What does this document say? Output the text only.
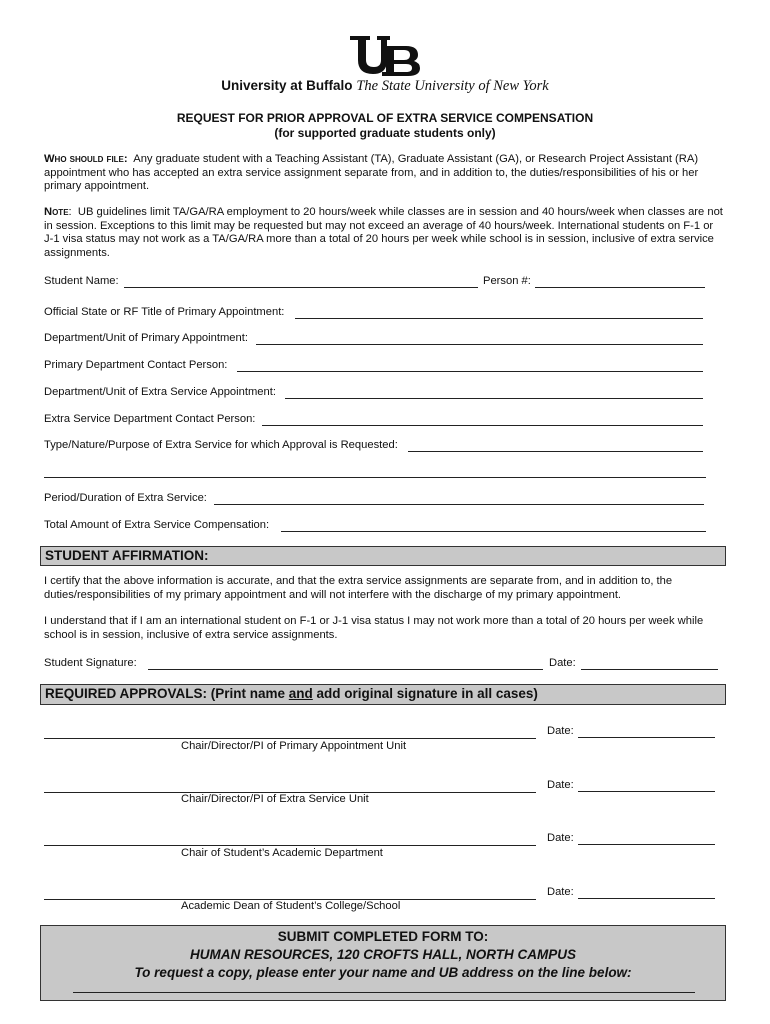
University at Buffalo The State University of New York
REQUEST FOR PRIOR APPROVAL OF EXTRA SERVICE COMPENSATION
(for supported graduate students only)
Who should file: Any graduate student with a Teaching Assistant (TA), Graduate Assistant (GA), or Research Project Assistant (RA) appointment who has accepted an extra service assignment separate from, and in addition to, the duties/responsibilities of his or her primary appointment.
Note:  UB guidelines limit TA/GA/RA employment to 20 hours/week while classes are in session and 40 hours/week when classes are not in session. Exceptions to this limit may be requested but may not exceed an average of 40 hours/week. International students on F-1 or J-1 visa status may not work as a TA/GA/RA more than a total of 20 hours per week while school is in session, inclusive of extra service assignments.
Student Name:	Person #:
Official State or RF Title of Primary Appointment:
Department/Unit of Primary Appointment:
Primary Department Contact Person:
Department/Unit of Extra Service Appointment:
Extra Service Department Contact Person:
Type/Nature/Purpose of Extra Service for which Approval is Requested:
Period/Duration of Extra Service:
Total Amount of Extra Service Compensation:
STUDENT AFFIRMATION:
I certify that the above information is accurate, and that the extra service assignments are separate from, and in addition to, the duties/responsibilities of my primary appointment and will not interfere with the discharge of my primary appointment.
I understand that if I am an international student on F-1 or J-1 visa status I may not work more than a total of 20 hours per week while school is in session, inclusive of extra service assignments.
Student Signature:	Date:
REQUIRED APPROVALS: (Print name and add original signature in all cases)
Date:
Chair/Director/PI of Primary Appointment Unit
Date:
Chair/Director/PI of Extra Service Unit
Date:
Chair of Student’s Academic Department
Date:
Academic Dean of Student’s College/School
SUBMIT COMPLETED FORM TO:
HUMAN RESOURCES, 120 CROFTS HALL, NORTH CAMPUS
To request a copy, please enter your name and UB address on the line below:
